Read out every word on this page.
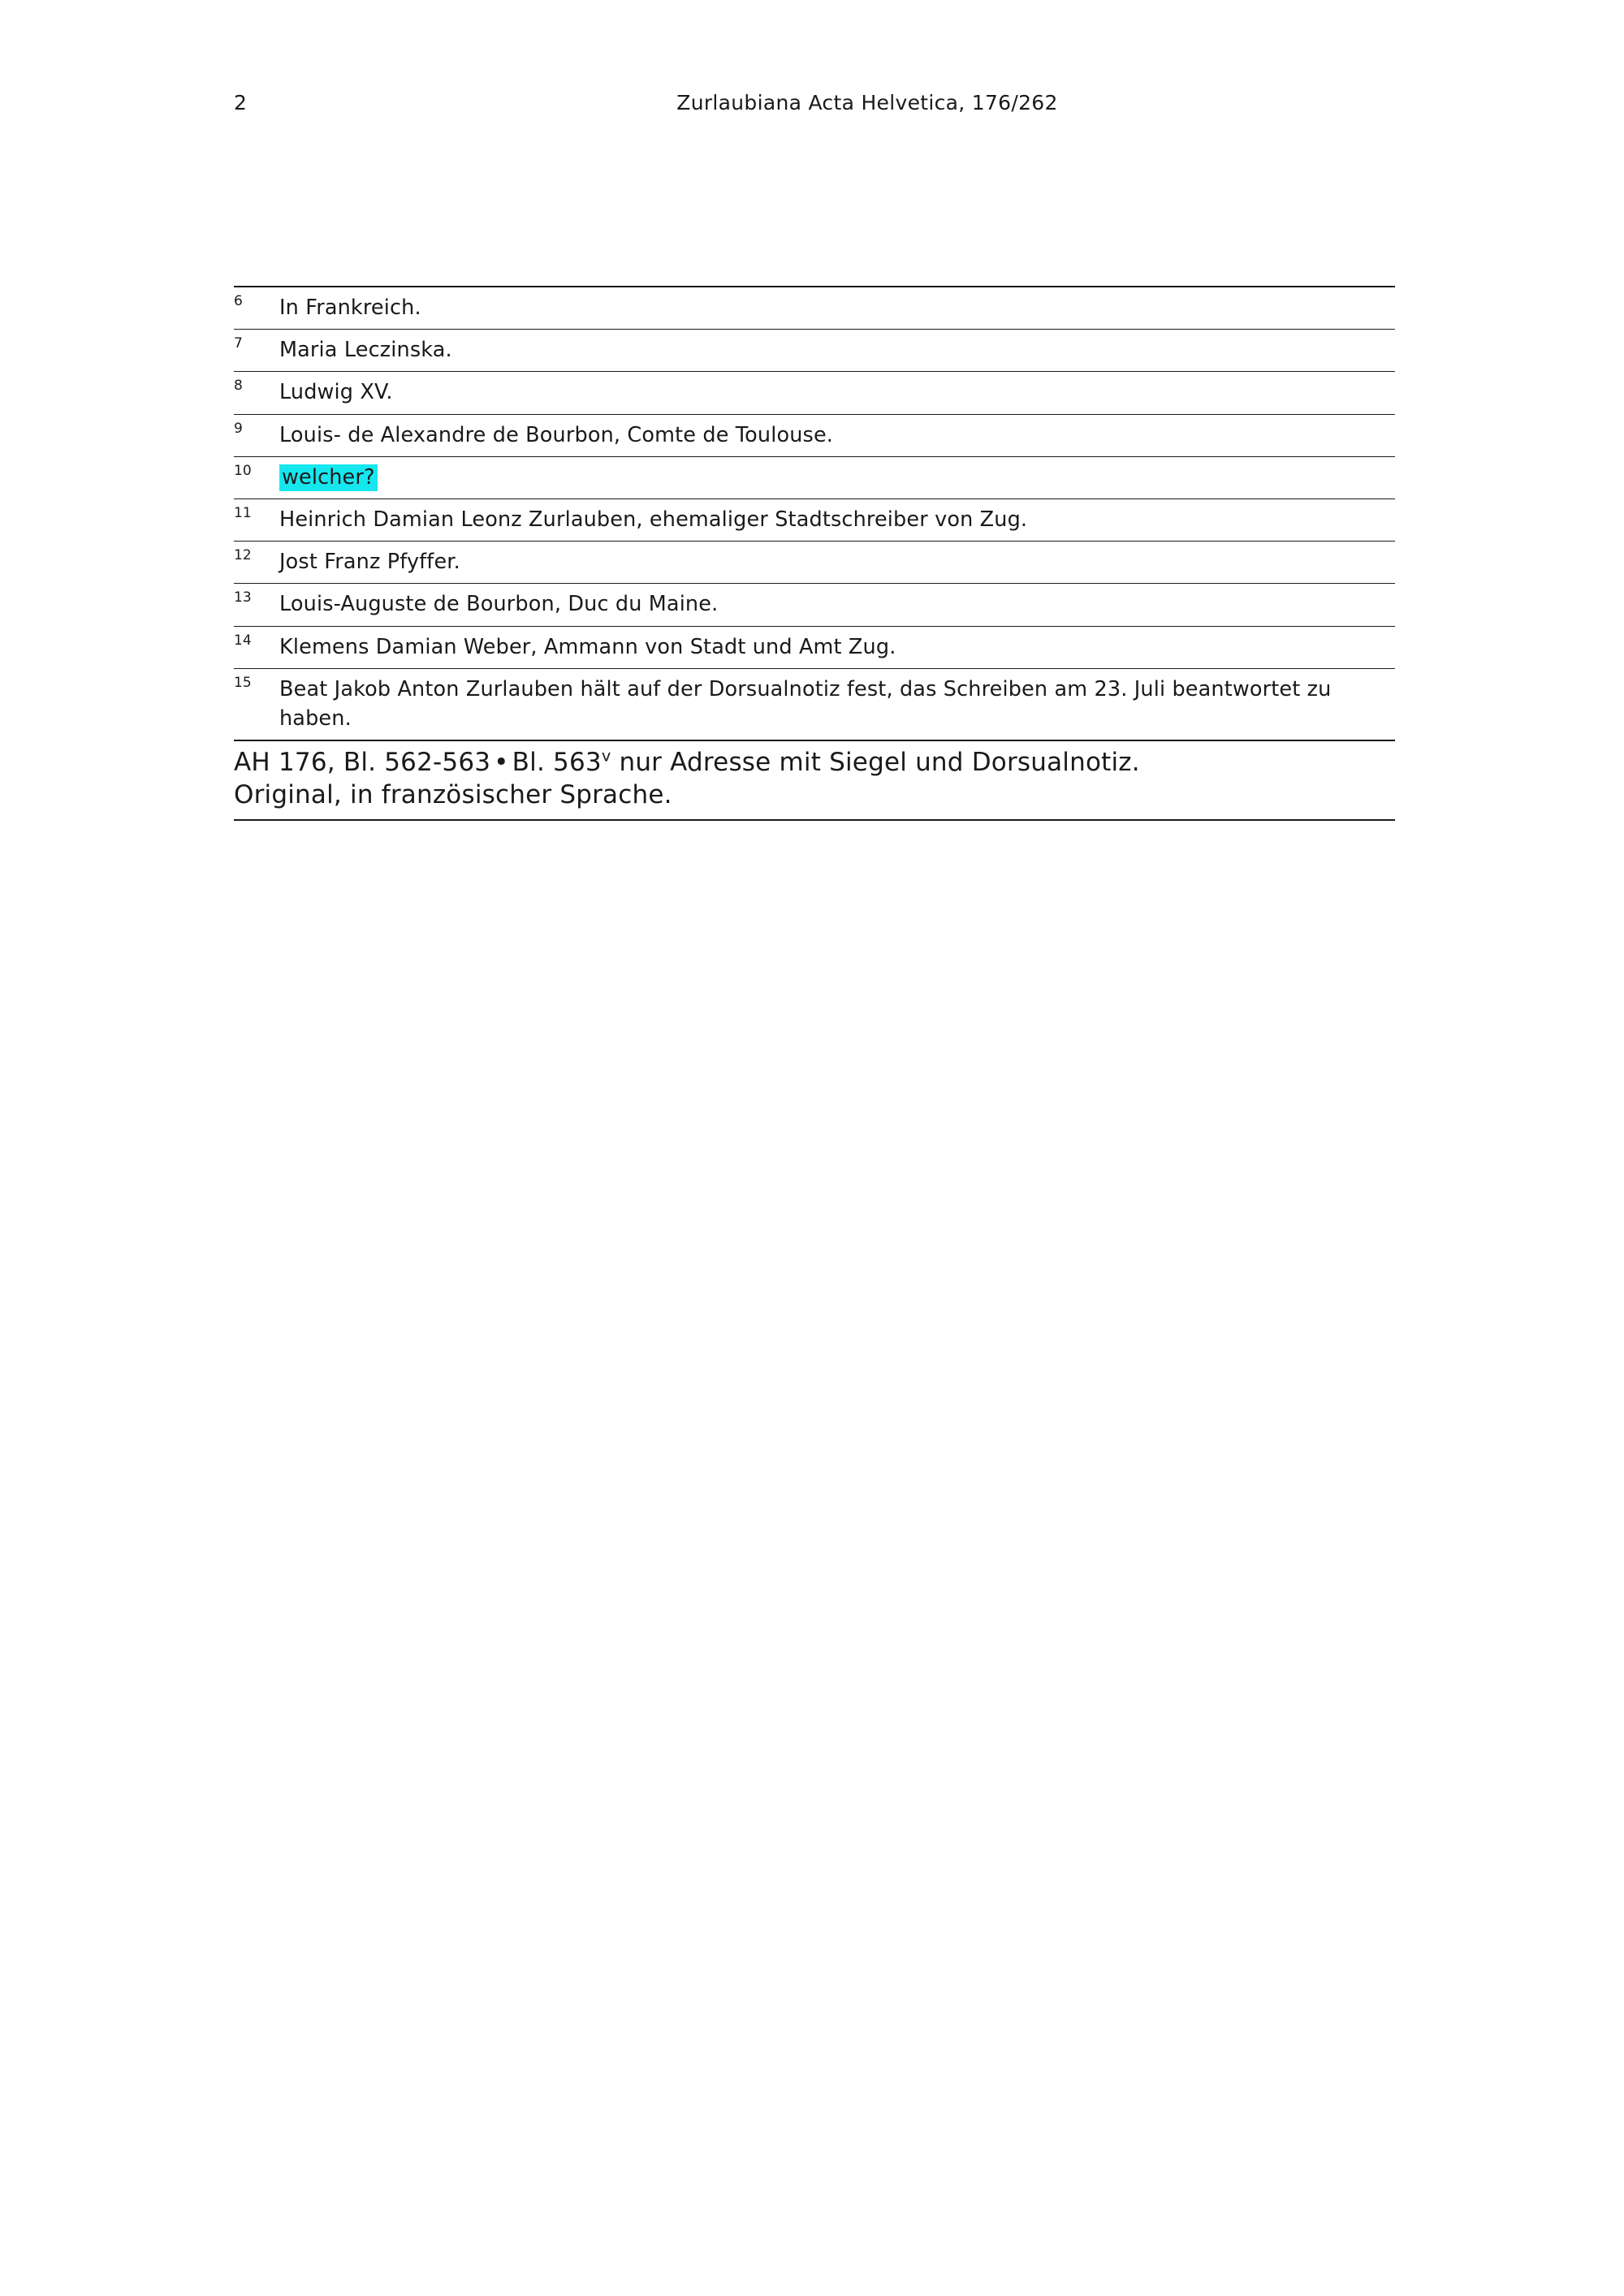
2	Zurlaubiana Acta Helvetica, 176/262
6	In Frankreich.
7	Maria Leczinska.
8	Ludwig XV.
9	Louis- de Alexandre de Bourbon, Comte de Toulouse.
10	welcher?
11	Heinrich Damian Leonz Zurlauben, ehemaliger Stadtschreiber von Zug.
12	Jost Franz Pfyffer.
13	Louis-Auguste de Bourbon, Duc du Maine.
14	Klemens Damian Weber, Ammann von Stadt und Amt Zug.
15	Beat Jakob Anton Zurlauben hält auf der Dorsualnotiz fest, das Schreiben am 23. Juli beantwortet zu haben.
AH 176, Bl. 562-563 • Bl. 563$^v$ nur Adresse mit Siegel und Dorsualnotiz.
Original, in französischer Sprache.
